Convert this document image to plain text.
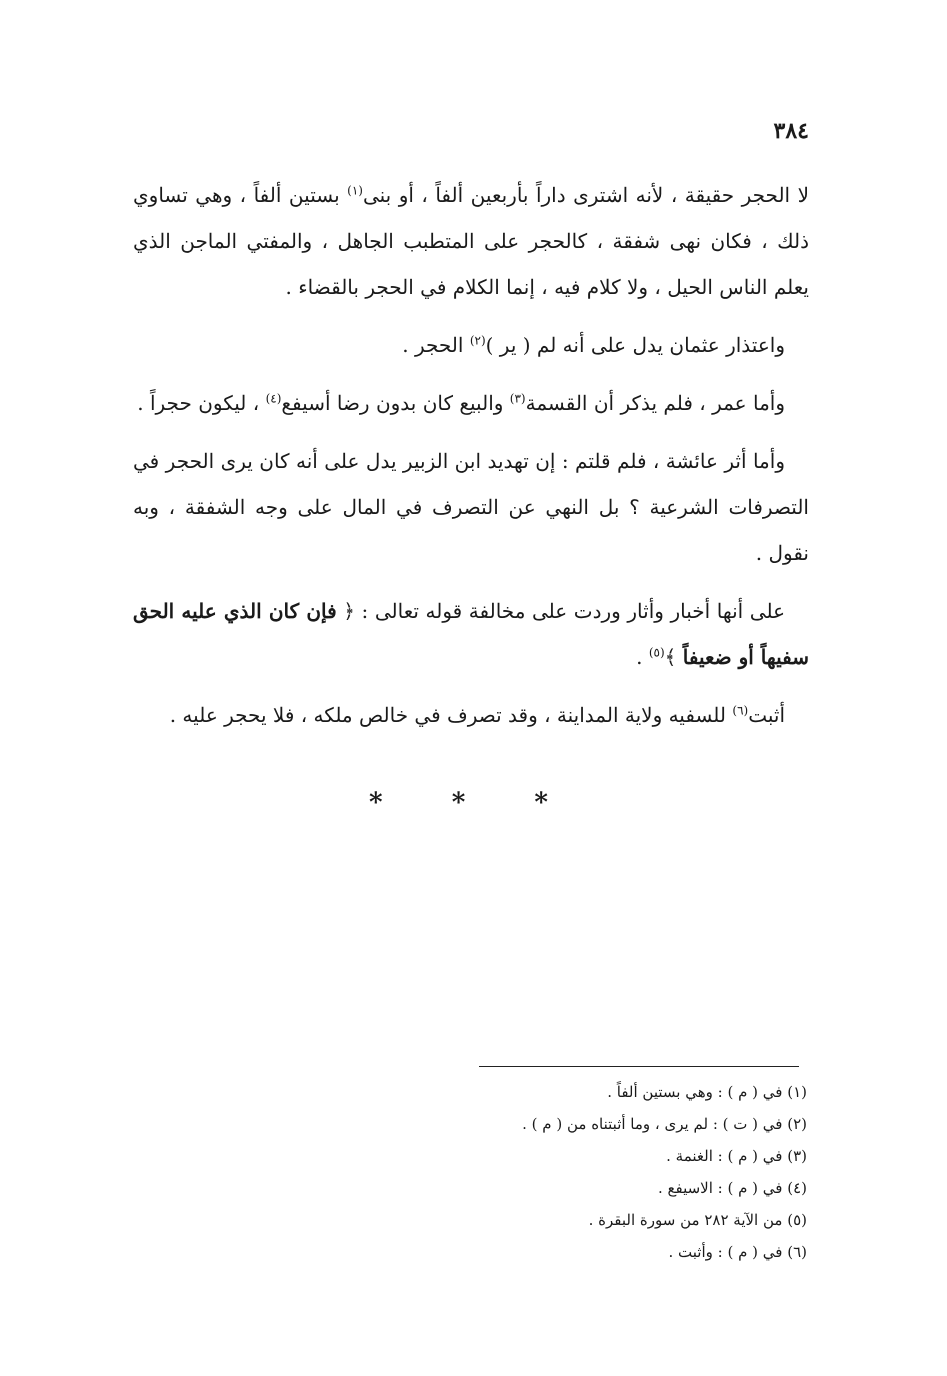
٣٨٤

لا الحجر حقيقة ، لأنه اشترى داراً بأربعين ألفاً ، أو بنى$^{(١)}$ بستين ألفاً ، وهي تساوي ذلك ، فكان نهى شفقة ، كالحجر على المتطبب الجاهل ، والمفتي الماجن الذي يعلم الناس الحيل ، ولا كلام فيه ، إنما الكلام في الحجر بالقضاء .

واعتذار عثمان يدل على أنه لم ( ير )$^{(٢)}$ الحجر .

وأما عمر ، فلم يذكر أن القسمة$^{(٣)}$ والبيع كان بدون رضا أسيفع$^{(٤)}$ ، ليكون حجراً .

وأما أثر عائشة ، فلم قلتم : إن تهديد ابن الزبير يدل على أنه كان يرى الحجر في التصرفات الشرعية ؟ بل النهي عن التصرف في المال على وجه الشفقة ، وبه نقول .

على أنها أخبار وأثار وردت على مخالفة قوله تعالى : ﴿ فإن كان الذي عليه الحق سفيهاً أو ضعيفاً ﴾$^{(٥)}$ .

أثبت$^{(٦)}$ للسفيه ولاية المداينة ، وقد تصرف في خالص ملكه ، فلا يحجر عليه .

* * *

(١) في ( م ) : وهي بستين ألفاً .

(٢) في ( ت ) : لم يرى ، وما أثبتناه من ( م ) .

(٣) في ( م ) : الغنمة .

(٤) في ( م ) : الاسيفع .

(٥) من الآية ٢٨٢ من سورة البقرة .

(٦) في ( م ) : وأثبت .
